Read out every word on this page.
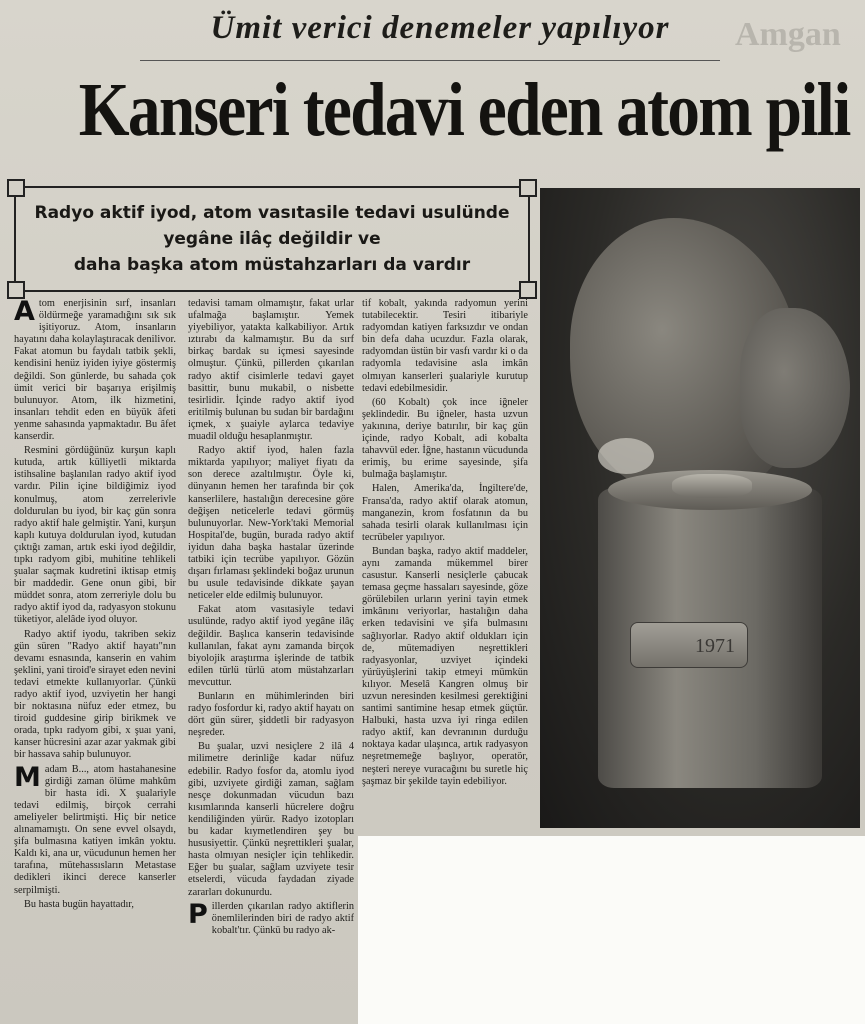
Amgan
Ümit verici denemeler yapılıyor
Kanseri tedavi eden atom pili
Radyo aktif iyod, atom vasıtasile tedavi usulünde
yegâne ilâç değildir ve
daha başka atom müstahzarları da vardır
1971

Atom enerjisinin sırf, insanları öldürmeğe yaramadığını sık sık işitiyoruz. Atom, insanların hayatını daha kolaylaştıracak denilivor. Fakat atomun bu faydalı tatbik şekli, kendisini henüz iyiden iyiye göstermiş değildi. Son günlerde, bu sahada çok ümit verici bir başarıya erişilmiş bulunuyor. Atom, ilk hizmetini, insanları tehdit eden en büyük âfeti yenme sahasında yapmaktadır. Bu âfet kanserdir.

Resmini gördüğünüz kurşun kaplı kutuda, artık külliyetli miktarda istihsaline başlanılan radyo aktif iyod vardır. Pilin içine bildiğimiz iyod konulmuş, atom zerrelerivle doldurulan bu iyod, bir kaç gün sonra radyo aktif hale gelmiştir. Yani, kurşun kaplı kutuya doldurulan iyod, kutudan çıktığı zaman, artık eski iyod değildir, tıpkı radyom gibi, muhitine tehlikeli şualar saçmak kudretini iktisap etmiş bir maddedir. Gene onun gibi, bir müddet sonra, atom zerreriyle dolu bu radyo aktif iyod da, radyasyon stokunu tüketiyor, alelâde iyod oluyor.

Radyo aktif iyodu, takriben sekiz gün süren "Radyo aktif hayatı"nın devamı esnasında, kanserin en vahim şeklini, yani tiroid'e sirayet eden nevini tedavi etmekte kullanıyorlar. Çünkü radyo aktif iyod, uzviyetin her hangi bir noktasına nüfuz eder etmez, bu tiroid guddesine girip birikmek ve orada, tıpkı radyom gibi, x şuaı yani, kanser hücresini azar azar yakmak gibi bir hassava sahip bulunuyor.

Madam B..., atom hastahanesine girdiği zaman ölüme mahkûm bir hasta idi. X şualariyle tedavi edilmiş, birçok cerrahi ameliyeler belirtmişti. Hiç bir netice alınamamıştı. On sene evvel olsaydı, şifa bulmasına katiyen imkân yoktu. Kaldı ki, ana ur, vücudunun hemen her tarafına, mütehassısların Metastase dedikleri ikinci derece kanserler serpilmişti.

Bu hasta bugün hayattadır,

tedavisi tamam olmamıştır, fakat urlar ufalmağa başlamıştır. Yemek yiyebiliyor, yatakta kalkabiliyor. Artık ıztırabı da kalmamıştır. Bu da sırf birkaç bardak su içmesi sayesinde olmuştur. Çünkü, pillerden çıkarılan radyo aktif cisimlerle tedavi gayet basittir, bunu mukabil, o nisbette tesirlidir. İçinde radyo aktif iyod eritilmiş bulunan bu sudan bir bardağını içmek, x şuaiyle aylarca tedaviye muadil olduğu hesaplanmıştır.

Radyo aktif iyod, halen fazla miktarda yapılıyor; maliyet fiyatı da son derece azaltılmıştır. Öyle ki, dünyanın hemen her tarafında bir çok kanserlilere, hastalığın derecesine göre değişen neticelerle tedavi görmüş bulunuyorlar. New-York'taki Memorial Hospital'de, bugün, burada radyo aktif iyidun daha başka hastalar üzerinde tatbiki için tecrübe yapılıyor. Gözün dışarı fırlaması şeklindeki boğaz urunun bu usule tedavisinde dikkate şayan neticeler elde edilmiş bulunuyor.

Fakat atom vasıtasiyle tedavi usulünde, radyo aktif iyod yegâne ilâç değildir. Başlıca kanserin tedavisinde kullanılan, fakat aynı zamanda birçok biyolojik araştırma işlerinde de tatbik edilen türlü türlü atom müstahzarları mevcuttur.

Bunların en mühimlerinden biri radyo fosfordur ki, radyo aktif hayatı on dört gün sürer, şiddetli bir radyasyon neşreder.

Bu şualar, uzvi nesiçlere 2 ilâ 4 milimetre derinliğe kadar nüfuz edebilir. Radyo fosfor da, atomlu iyod gibi, uzviyete girdiği zaman, sağlam nesçe dokunmadan vücudun bazı kısımlarında kanserli hücrelere doğru kendiliğinden yürür. Radyo izotopları bu kadar kıymetlendiren şey bu hususiyettir. Çünkü neşrettikleri şualar, hasta olmıyan nesiçler için tehlikedir. Eğer bu şualar, sağlam uzviyete tesir etselerdi, vücuda faydadan ziyade zararları dokunurdu.

Pillerden çıkarılan radyo aktiflerin önemlilerinden biri de radyo aktif kobalt'tır. Çünkü bu radyo ak-

tif kobalt, yakında radyomun yerini tutabilecektir. Tesiri itibariyle radyomdan katiyen farksızdır ve ondan bin defa daha ucuzdur. Fazla olarak, radyomdan üstün bir vasfı vardır ki o da radyomla tedavisine asla imkân olmıyan kanserleri şualariyle kurutup tedavi edebilmesidir.

(60 Kobalt) çok ince iğneler şeklindedir. Bu iğneler, hasta uzvun yakınına, deriye batırılır, bir kaç gün içinde, radyo Kobalt, adi kobalta tahavvül eder. İğne, hastanın vücudunda erimiş, bu erime sayesinde, şifa bulmağa başlamıştır.

Halen, Amerika'da, İngiltere'de, Fransa'da, radyo aktif olarak atomun, manganezin, krom fosfatının da bu sahada tesirli olarak kullanılması için tecrübeler yapılıyor.

Bundan başka, radyo aktif maddeler, aynı zamanda mükemmel birer casustur. Kanserli nesiçlerle çabucak temasa geçme hassaları sayesinde, göze görülebilen urların yerini tayin etmek imkânını veriyorlar, hastalığın daha erken tedavisini ve şifa bulmasını sağlıyorlar. Radyo aktif oldukları için de, mütemadiyen neşrettikleri radyasyonlar, uzviyet içindeki yürüyüşlerini takip etmeyi mümkün kılıyor. Meselâ Kangren olmuş bir uzvun neresinden kesilmesi gerektiğini santimi santimine hesap etmek güçtür. Halbuki, hasta uzva iyi ringa edilen radyo aktif, kan devranının durduğu noktaya kadar ulaşınca, artık radyasyon neşretmemeğe başlıyor, operatör, neşteri nereye vuracağını bu suretle hiç şaşmaz bir şekilde tayin edebiliyor.
